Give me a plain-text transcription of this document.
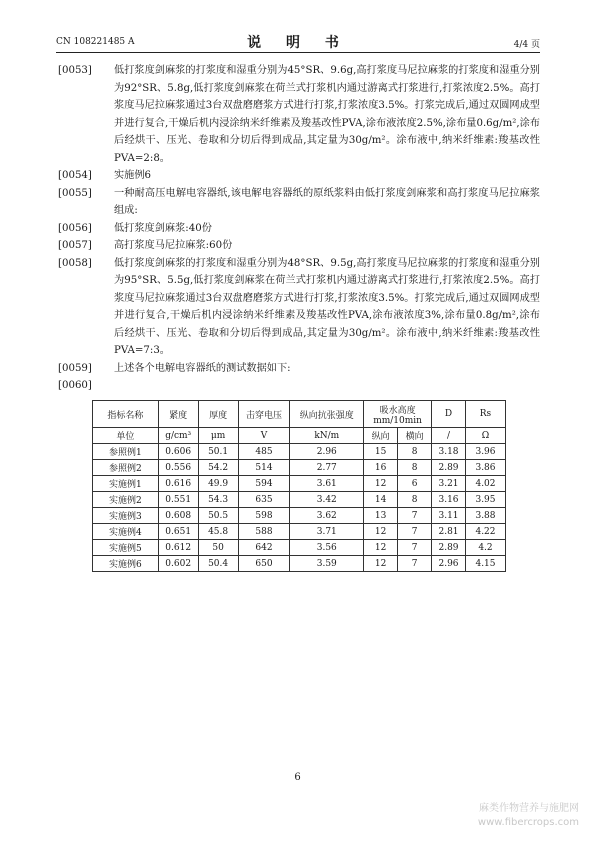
CN 108221485 A	说 明 书	4/4 页
[0053] 低打浆度剑麻浆的打浆度和湿重分别为45°SR、9.6g,高打浆度马尼拉麻浆的打浆度和湿重分别为92°SR、5.8g,低打浆度剑麻浆在荷兰式打浆机内通过游离式打浆进行,打浆浓度2.5%。高打浆度马尼拉麻浆通过3台双盘磨磨浆方式进行打浆,打浆浓度3.5%。打浆完成后,通过双圆网成型并进行复合,干燥后机内浸涂纳米纤维素及羧基改性PVA,涂布液浓度2.5%,涂布量0.6g/m²,涂布后经烘干、压光、卷取和分切后得到成品,其定量为30g/m²。涂布液中,纳米纤维素:羧基改性PVA=2:8。
[0054] 实施例6
[0055] 一种耐高压电解电容器纸,该电解电容器纸的原纸浆料由低打浆度剑麻浆和高打浆度马尼拉麻浆组成:
[0056] 低打浆度剑麻浆:40份
[0057] 高打浆度马尼拉麻浆:60份
[0058] 低打浆度剑麻浆的打浆度和湿重分别为48°SR、9.5g,高打浆度马尼拉麻浆的打浆度和湿重分别为95°SR、5.5g,低打浆度剑麻浆在荷兰式打浆机内通过游离式打浆进行,打浆浓度2.5%。高打浆度马尼拉麻浆通过3台双盘磨磨浆方式进行打浆,打浆浓度3.5%。打浆完成后,通过双圆网成型并进行复合,干燥后机内浸涂纳米纤维素及羧基改性PVA,涂布液浓度3%,涂布量0.8g/m²,涂布后经烘干、压光、卷取和分切后得到成品,其定量为30g/m²。涂布液中,纳米纤维素:羧基改性PVA=7:3。
[0059] 上述各个电解电容器纸的测试数据如下:
[0060]

指标名称	紧度	厚度	击穿电压	纵向抗张强度	吸水高度mm/10min		D	Rs
单位	g/cm³	μm	V	kN/m	纵向	横向	/	Ω
参照例1	0.606	50.1	485	2.96	15	8	3.18	3.96
参照例2	0.556	54.2	514	2.77	16	8	2.89	3.86
实施例1	0.616	49.9	594	3.61	12	6	3.21	4.02
实施例2	0.551	54.3	635	3.42	14	8	3.16	3.95
实施例3	0.608	50.5	598	3.62	13	7	3.11	3.88
实施例4	0.651	45.8	588	3.71	12	7	2.81	4.22
实施例5	0.612	50	642	3.56	12	7	2.89	4.2
实施例6	0.602	50.4	650	3.59	12	7	2.96	4.15
6
麻类作物营养与施肥网
www.fibercrops.com
